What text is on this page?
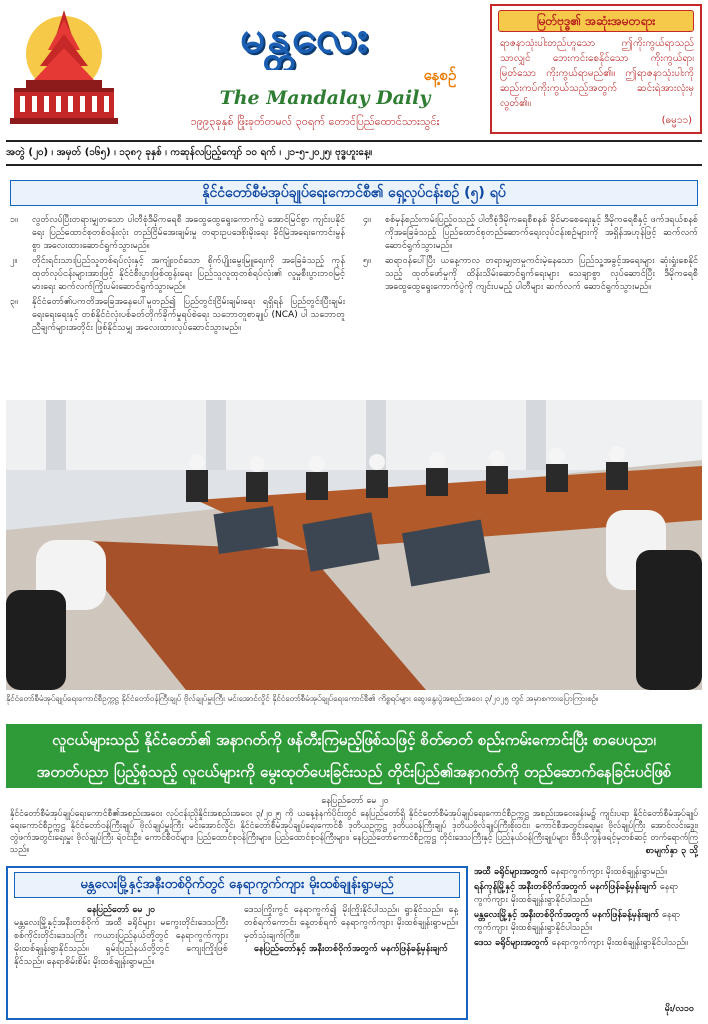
မန္တလေး
နေ့စဉ်
The Mandalay Daily
၁၉၉၃ခုနှစ် ဖြိုးခုတ်တမလ် ၃၀ရက် တောင်ပြည်ထောင်သားသွင်း
မြတ်ဗုဒ္ဓ၏ အဆုံးအမတရား
ရာဇနာသုံးပါးတည်ဟူသော ဤကိုးကွယ်ရာသည် သာလျှင် ဘေးကင်းစေနိုင်သော ကိုးကွယ်ရာ၊ မြတ်သော ကိုးကွယ်ရာမည်၏။ ဤရာဇနာသုံးပါးကို ဆည်းကပ်ကိုးကွယ်သည့်အတွက် ဆင်းရဲအားလုံးမှ လွတ်၏။
(ဓမ္မ၁၁)
အတွဲ (၂၀) ၊ အမှတ် (၁၆၅) ၊ ၁၃၈၇ ခုနှစ် ၊ ကဆုန်လပြည့်ကျော် ၁၀ ရက် ၊ ၂၁-၅-၂၀၂၅၊ ဗုဒ္ဓဟူးနေ့။
နိုင်ငံတော်စီမံအုပ်ချုပ်ရေးကောင်စီ၏ ရှေ့လုပ်ငန်းစဉ် (၅) ရပ်
၁။	လွတ်လပ်ပြီးတရားမျှတသော ပါတီစုံဒီမိုကရေစီ အထွေထွေရွေးကောက်ပွဲ အောင်မြင်စွာ ကျင်းပနိုင်ရေး ပြည်ထောင်စုတစ်ဝန်းလုံး တည်ငြိမ်အေးချမ်းမှု တရားဥပဒေစိုးမိုးရေး ခိုင်မြဲအရေးကောင်းမွန်စွာ အလေးထားဆောင်ရွက်သွားမည်။
၂။	တိုင်းရင်းသားပြည်သူတစ်ရပ်လုံးနှင့် အကျုံးဝင်သော စိုက်ပျိုးမွေးမြူရေးကို အခြေခံသည့် ကုန်ထုတ်လုပ်ငန်းများအားဖြင့် နိုင်ငံစီးပွားဖြစ်ထွန်းရေး ပြည်သူလူထုတစ်ရပ်လုံး၏ လူမှုစီးပွားဘဝမြင့်မားရေး ဆက်လက်ကြိုးပမ်းဆောင်ရွက်သွားမည်။
၃။	နိုင်ငံတော်၏ပကတိအခြေအနေပေါ်မူတည်၍ ပြည်တွင်းငြိမ်းချမ်းရေး ရရှိရန် ပြည်တွင်းပြီးချမ်းရေးရေးရေးနှင့် တစ်နိုင်ငံလုံးပစ်ခတ်တိုက်ခိုက်မှုရပ်စဲရေး သဘောတူစာချုပ် (NCA) ပါ သဘောတူညီချက်များအတိုင်း ဖြစ်နိုင်သမျှ အလေးထားလုပ်ဆောင်သွားမည်။
၄။	စစ်မှန်စည်းကမ်းပြည့်ဝသည့် ပါတီစုံဒီမိုကရေစီစနစ် ခိုင်မာစေရေးနှင့် ဒီမိုကရေစီနှင့် ဖက်ဒရယ်စနစ်ကိုအခြေခံသည့် ပြည်ထောင်စုတည်ဆောက်ရေးလုပ်ငန်းစဉ်များကို အရှိန်အဟုန်ဖြင့် ဆက်လက်ဆောင်ရွက်သွားမည်။
၅။	ဆရာဝန်ပေါ်ပြီး ယနေ့ကာလ တရားမျှတမှုကင်းမဲ့နေသော ပြည်သူ့အခွင့်အရေးများ ဆုံးရှုံးစေနိုင်သည့် ထုတ်ဖော်မှုကို ထိန်းသိမ်းဆောင်ရွက်ရေးများ သေချာစွာ လုပ်ဆောင်ပြီး ဒီမိုကရေစီ အထွေထွေရွေးကောက်ပွဲကို ကျင်းပမည့် ပါတီများ ဆက်လက် ဆောင်ရွက်သွားမည်။
နိုင်ငံတော်စီမံအုပ်ချုပ်ရေးကောင်စီဥက္ကဋ္ဌ နိုင်ငံတော်ဝန်ကြီးချုပ် ဗိုလ်ချုပ်မှူးကြီး မင်းအောင်လှိုင် နိုင်ငံတော်စီမံအုပ်ချုပ်ရေးကောင်စီ၏ ကိစ္စရပ်များ ဆွေးနွေးပွဲအစည်းအဝေး ၃/၂၀၂၅ တွင် အမှာစကားပြောကြားစဉ်။
လူငယ်များသည် နိုင်ငံတော်၏ အနာဂတ်ကို ဖန်တီးကြမည့်ဖြစ်သဖြင့် စိတ်ဓာတ် စည်းကမ်းကောင်းပြီး စာပေပညာ၊
အတတ်ပညာ ပြည့်စုံသည့် လူငယ်များကို မွေးထုတ်ပေးခြင်းသည် တိုင်းပြည်၏အနာဂတ်ကို တည်ဆောက်နေခြင်းပင်ဖြစ်
နေပြည်တော် မေ ၂၀
နိုင်ငံတော်စီမံအုပ်ချုပ်ရေးကောင်စီ၏အစည်းအဝေး လုပ်ငန်းညှိနှိုင်းအစည်းအဝေး ၃/၂၀၂၅ ကို ယနေ့နံနက်ပိုင်းတွင် နေပြည်တော်ရှိ နိုင်ငံတော်စီမံအုပ်ချုပ်ရေးကောင်စီဥက္ကဋ္ဌ အစည်းအဝေးခန်းမ၌ ကျင်းပရာ နိုင်ငံတော်စီမံအုပ်ချုပ်ရေးကောင်စီဥက္ကဋ္ဌ နိုင်ငံတော်ဝန်ကြီးချုပ် ဗိုလ်ချုပ်မှူးကြီး မင်းအောင်လှိုင်၊ နိုင်ငံတော်စီမံအုပ်ချုပ်ရေးကောင်စီ ဒုတိယဥက္ကဋ္ဌ ဒုတိယဝန်ကြီးချုပ် ဒုတိယဗိုလ်ချုပ်ကြီးစိုးဝင်း၊ ကောင်စီအတွင်းရေးမှူး ဗိုလ်ချုပ်ကြီး အောင်လင်းဒွေး၊ တွဲဖက်အတွင်းရေးမှူး ဗိုလ်ချုပ်ကြီး ရဲဝင်းဦး၊ ကောင်စီဝင်များ၊ ပြည်ထောင်စုဝန်ကြီးများ၊ ပြည်ထောင်စုဝန်ကြီးများ၊ နေပြည်တော်ကောင်စီဥက္ကဋ္ဌ တိုင်းဒေသကြီးနှင့် ပြည်နယ်ဝန်ကြီးချုပ်များ ဗီဒီယိုကွန်ဖရင့်မှတစ်ဆင့် တက်ရောက်ကြသည်။	စာမျက်နှာ ၃ သို့
မန္တလေးမြို့နှင့်အနီးတစ်ဝိုက်တွင် နေရာကွက်ကျား မိုးထစ်ချုန်းရွာမည်
နေပြည်တော် မေ ၂၀
မန္တလေးမြို့နှင့်အနီးတစ်ဝိုက် အထီ ခရိုင်များ မကွေးတိုင်းဒေသကြီး စစ်ကိုင်းတိုင်းဒေသကြီး ကယားပြည်နယ်တို့တွင် နေရာကွက်ကျား မိုးထစ်ချုန်းရွာနိုင်သည်။ ရှမ်းပြည်နယ်တို့တွင် ကျေးကြိုးဖြစ်နိုင်သည်။ နေရာစိမ်းစိမ်း မိုးထစ်ချုန်းရွာမည်။
ဒေသကြိုးကွင် နေရာကွက်၍ မိုးကြိုးနိုင်ပါသည်။ ရွာနိုင်သည်။ နေ့တစ်ရက်ကောင်း နေ့တစ်ရက် နေရာကွက်ကျား မိုးထစ်ချုန်းရွာမည်။ မှတ်သုံးချက်ကြီး။
နေပြည်တော်နှင့် အနီးတစ်ဝိုက်အတွက် မနက်ဖြန်ခန့်မှန်းချက်

အထီ ခရိုင်များအတွက် နေရာကွက်ကျား မိုးထစ်ချုန်းရွာမည်။

ရန်ကုန်မြို့နှင့် အနီးတစ်ဝိုက်အတွက် မနက်ဖြန်ခန့်မှန်းချက် နေရာကွက်ကျား မိုးထစ်ချုန်းရွာနိုင်ပါသည်။

မန္တလေးမြို့နှင့် အနီးတစ်ဝိုက်အတွက် မနက်ဖြန်ခန့်မှန်းချက် နေရာကွက်ကျား မိုးထစ်ချုန်းရွာနိုင်ပါသည်။

ဒေသ ခရိုင်များအတွက် နေရာကွက်ကျား မိုးထစ်ချုန်းရွာနိုင်ပါသည်။

မိုး/လ၁၀
